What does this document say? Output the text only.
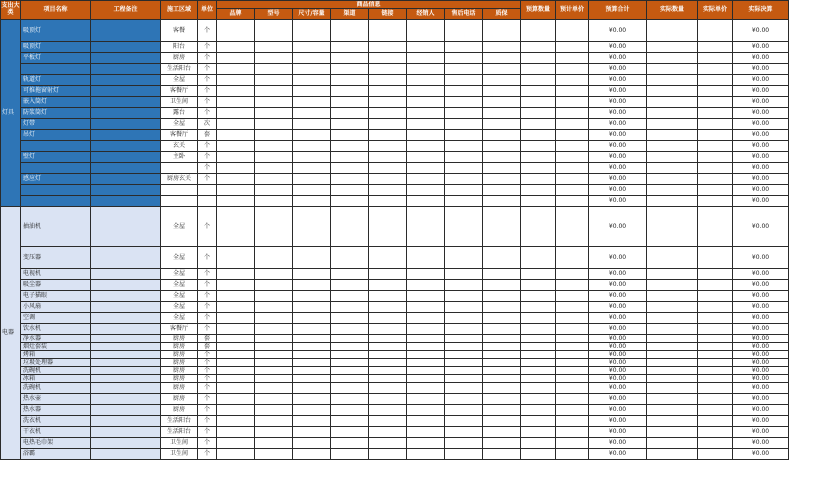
支出大类	项目名称	工程备注	施工区域	单位	商品信息								预算数量	预计单价	预算合计	实际数量	实际单价	实际决算
					品牌	型号	尺寸/容量	渠道	链接	经销人	售后电话	质保						
灯具	吸顶灯		客餐	个											¥0.00			¥0.00
	吸顶灯		阳台	个											¥0.00			¥0.00
	平板灯		厨房	个											¥0.00			¥0.00
			生活阳台	个											¥0.00			¥0.00
	轨道灯		全屋	个											¥0.00			¥0.00
	可推拖窗射灯		客餐厅	个											¥0.00			¥0.00
	嵌入筒灯		卫生间	个											¥0.00			¥0.00
	防浆筒灯		露台	个											¥0.00			¥0.00
	灯带		全屋	次											¥0.00			¥0.00
	吊灯		客餐厅	套											¥0.00			¥0.00
			玄关	个											¥0.00			¥0.00
	壁灯		主卧	个											¥0.00			¥0.00
				个											¥0.00			¥0.00
	感应灯		厨房玄关	个											¥0.00			¥0.00
															¥0.00			¥0.00
															¥0.00			¥0.00
电器	抽油机		全屋	个											¥0.00			¥0.00
	变压器		全屋	个											¥0.00			¥0.00
	电视机		全屋	个											¥0.00			¥0.00
	吸尘器		全屋	个											¥0.00			¥0.00
	电子猫眼		全屋	个											¥0.00			¥0.00
	小风扇		全屋	个											¥0.00			¥0.00
	空调		全屋	个											¥0.00			¥0.00
	饮水机		客餐厅	个											¥0.00			¥0.00
	净水器		厨房	套											¥0.00			¥0.00
	烟灶套装		厨房	套											¥0.00			¥0.00
	烤箱		厨房	个											¥0.00			¥0.00
	垃圾处理器		厨房	个											¥0.00			¥0.00
	洗碗机		厨房	个											¥0.00			¥0.00
	冰箱		厨房	个											¥0.00			¥0.00
	洗碗机		厨房	个											¥0.00			¥0.00
	热水壶		厨房	个											¥0.00			¥0.00
	热水器		厨房	个											¥0.00			¥0.00
	洗衣机		生活阳台	个											¥0.00			¥0.00
	干衣机		生活阳台	个											¥0.00			¥0.00
	电热毛巾架		卫生间	个											¥0.00			¥0.00
	浴霸		卫生间	个											¥0.00			¥0.00
